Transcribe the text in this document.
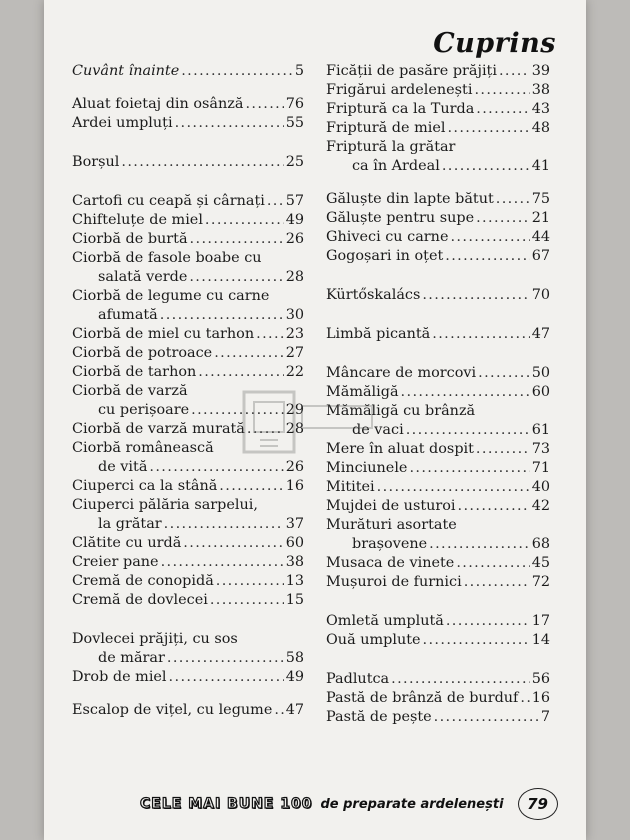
Cuprins
Cuvânt înainte . . .	5
Aluat foietaj din osânză . . .	76
Ardei umpluți . . .	55
Borșul . . .	25
Cartofi cu ceapă și cârnați . . . 57
Chifteluțe de miel . . .	49
Ciorbă de burtă . . .	26
Ciorbă de fasole boabe cu
salată verde . . .	28
Ciorbă de legume cu carne
afumată . . .	30
Ciorbă de miel cu tarhon . . . 23
Ciorbă de potroace . . .	27
Ciorbă de tarhon . . .	22
Ciorbă de varză
cu perișoare . . .	29
Ciorbă de varză murată . . .	28
Ciorbă românească
de vită . . .	26
Ciuperci ca la stână . . .	16
Ciuperci pălăria sarpelui,
la grătar . . .	37
Clătite cu urdă . . .	60
Creier pane . . .	38
Cremă de conopidă . . .	13
Cremă de dovlecei . . .	15
Dovlecei prăjiți, cu sos
de mărar . . .	58
Drob de miel . . .	49
Escalop de vițel, cu legume . . . 47
Ficății de pasăre prăjiți . . . 39
Frigărui ardelenești . . .	38
Friptură ca la Turda . . .	43
Friptură de miel . . .	48
Friptură la grătar
ca în Ardeal . . .	41
Găluște din lapte bătut . . .	75
Găluște pentru supe . . .	21
Ghiveci cu carne . . .	44
Gogoșari in oțet . . .	67
Kürtőskalács . . .	70
Limbă picantă . . .	47
Mâncare de morcovi . . .	50
Mămăligă . . .	60
Mămăligă cu brânză
de vaci . . .	61
Mere în aluat dospit . . .	73
Minciunele . . .	71
Mititei . . .	40
Mujdei de usturoi . . .	42
Murături asortate
brașovene . . .	68
Musaca de vinete . . .	45
Mușuroi de furnici . . .	72
Omletă umplută . . .	17
Ouă umplute . . .	14
Padlutca . . .	56
Pastă de brânză de burduf . . . 16
Pastă de pește . . .	7
CELE MAI BUNE 100 de preparate ardelenești	79
